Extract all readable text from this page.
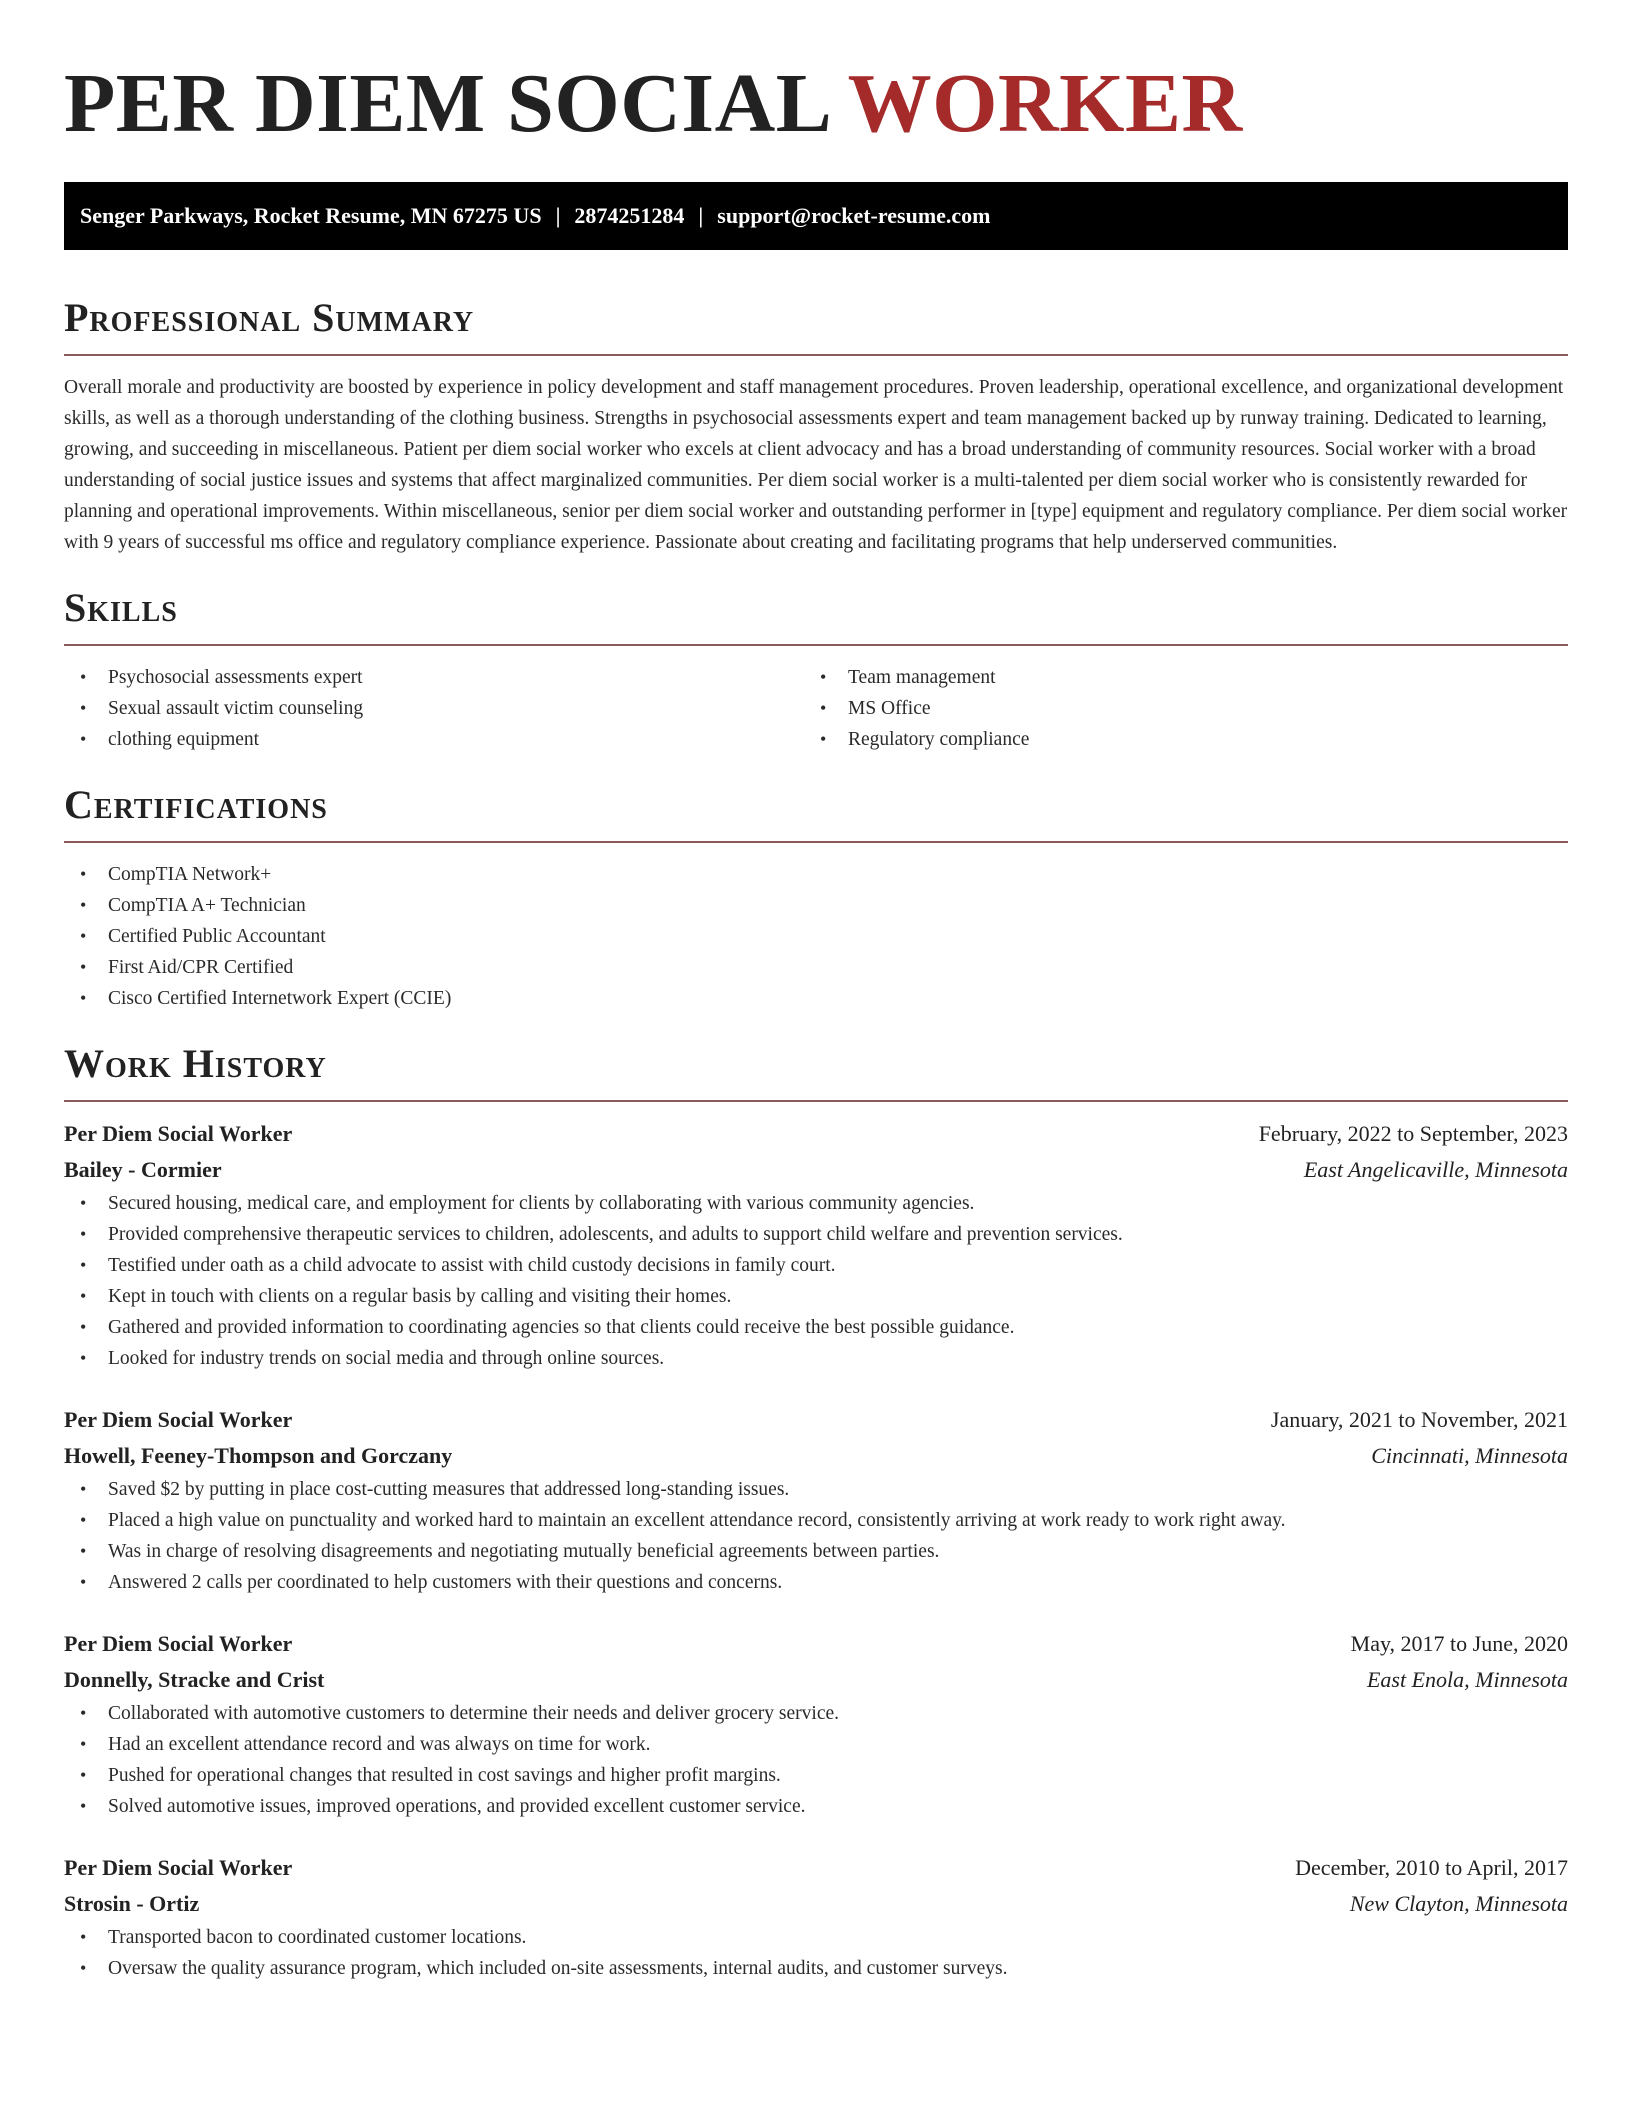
PER DIEM SOCIAL WORKER
Senger Parkways, Rocket Resume, MN 67275 US | 2874251284 | support@rocket-resume.com
Professional Summary

Overall morale and productivity are boosted by experience in policy development and staff management procedures. Proven leadership, operational excellence, and organizational development skills, as well as a thorough understanding of the clothing business. Strengths in psychosocial assessments expert and team management backed up by runway training. Dedicated to learning, growing, and succeeding in miscellaneous. Patient per diem social worker who excels at client advocacy and has a broad understanding of community resources. Social worker with a broad understanding of social justice issues and systems that affect marginalized communities. Per diem social worker is a multi-talented per diem social worker who is consistently rewarded for planning and operational improvements. Within miscellaneous, senior per diem social worker and outstanding performer in [type] equipment and regulatory compliance. Per diem social worker with 9 years of successful ms office and regulatory compliance experience. Passionate about creating and facilitating programs that help underserved communities.

Skills
• Psychosocial assessments expert
• Sexual assault victim counseling
• clothing equipment
• Team management
• MS Office
• Regulatory compliance
Certifications
• CompTIA Network+
• CompTIA A+ Technician
• Certified Public Accountant
• First Aid/CPR Certified
• Cisco Certified Internetwork Expert (CCIE)
Work History
Per Diem Social Worker	February, 2022 to September, 2023
Bailey - Cormier	East Angelicaville, Minnesota
• Secured housing, medical care, and employment for clients by collaborating with various community agencies.
• Provided comprehensive therapeutic services to children, adolescents, and adults to support child welfare and prevention services.
• Testified under oath as a child advocate to assist with child custody decisions in family court.
• Kept in touch with clients on a regular basis by calling and visiting their homes.
• Gathered and provided information to coordinating agencies so that clients could receive the best possible guidance.
• Looked for industry trends on social media and through online sources.
Per Diem Social Worker	January, 2021 to November, 2021
Howell, Feeney-Thompson and Gorczany	Cincinnati, Minnesota
• Saved $2 by putting in place cost-cutting measures that addressed long-standing issues.
• Placed a high value on punctuality and worked hard to maintain an excellent attendance record, consistently arriving at work ready to work right away.
• Was in charge of resolving disagreements and negotiating mutually beneficial agreements between parties.
• Answered 2 calls per coordinated to help customers with their questions and concerns.
Per Diem Social Worker	May, 2017 to June, 2020
Donnelly, Stracke and Crist	East Enola, Minnesota
• Collaborated with automotive customers to determine their needs and deliver grocery service.
• Had an excellent attendance record and was always on time for work.
• Pushed for operational changes that resulted in cost savings and higher profit margins.
• Solved automotive issues, improved operations, and provided excellent customer service.
Per Diem Social Worker	December, 2010 to April, 2017
Strosin - Ortiz	New Clayton, Minnesota
• Transported bacon to coordinated customer locations.
• Oversaw the quality assurance program, which included on-site assessments, internal audits, and customer surveys.
